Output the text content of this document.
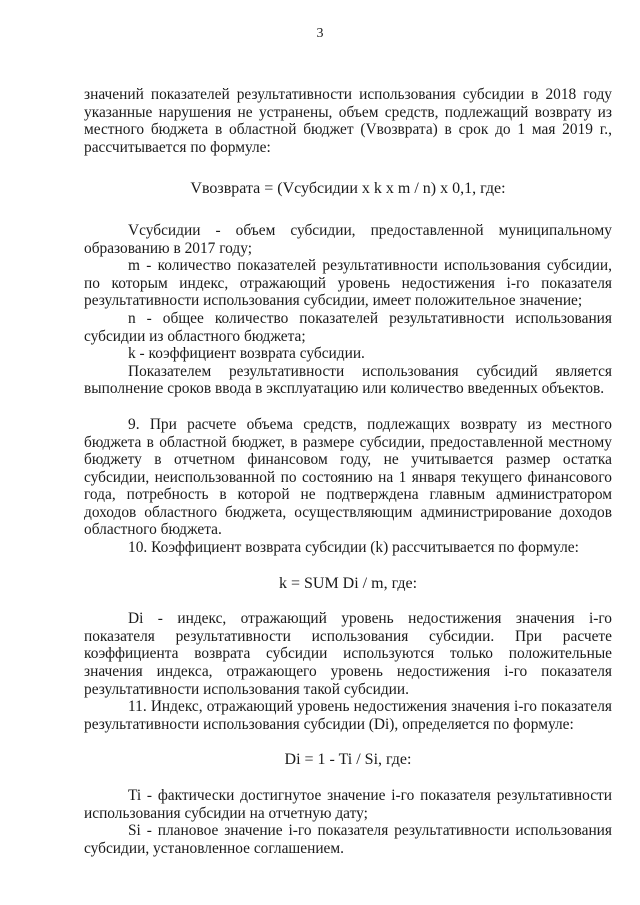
3

значений показателей результативности использования субсидии в 2018 году указанные нарушения не устранены, объем средств, подлежащий возврату из местного бюджета в областной бюджет (Vвозврата) в срок до 1 мая 2019 г., рассчитывается по формуле:

Vвозврата = (Vсубсидии x k x m / n) x 0,1, где:

Vсубсидии - объем субсидии, предоставленной муниципальному образованию в 2017 году;

m - количество показателей результативности использования субсидии, по которым индекс, отражающий уровень недостижения i-го показателя результативности использования субсидии, имеет положительное значение;

n - общее количество показателей результативности использования субсидии из областного бюджета;

k - коэффициент возврата субсидии.

Показателем результативности использования субсидий является выполнение сроков ввода в эксплуатацию или количество введенных объектов.

9. При расчете объема средств, подлежащих возврату из местного бюджета в областной бюджет, в размере субсидии, предоставленной местному бюджету в отчетном финансовом году, не учитывается размер остатка субсидии, неиспользованной по состоянию на 1 января текущего финансового года, потребность в которой не подтверждена главным администратором доходов областного бюджета, осуществляющим администрирование доходов областного бюджета.

10. Коэффициент возврата субсидии (k) рассчитывается по формуле:

k = SUM Di / m, где:

Di - индекс, отражающий уровень недостижения значения i-го показателя результативности использования субсидии. При расчете коэффициента возврата субсидии используются только положительные значения индекса, отражающего уровень недостижения i-го показателя результативности использования такой субсидии.

11. Индекс, отражающий уровень недостижения значения i-го показателя результативности использования субсидии (Di), определяется по формуле:

Di = 1 - Ti / Si, где:

Ti - фактически достигнутое значение i-го показателя результативности использования субсидии на отчетную дату;

Si - плановое значение i-го показателя результативности использования субсидии, установленное соглашением.
